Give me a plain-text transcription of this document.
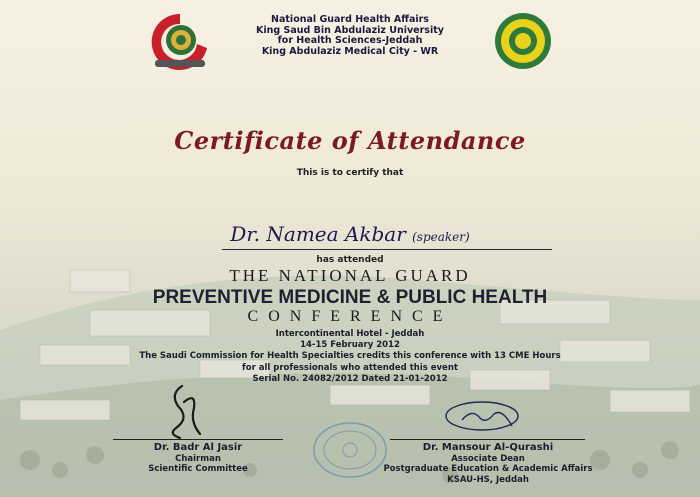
National Guard Health Affairs
King Saud Bin Abdulaziz University
for Health Sciences-Jeddah
King Abdulaziz Medical City - WR
Certificate of Attendance
This is to certify that
Dr. Namea Akbar (speaker)
has attended
THE NATIONAL GUARD
PREVENTIVE MEDICINE & PUBLIC HEALTH
CONFERENCE
Intercontinental Hotel - Jeddah
14-15 February 2012
The Saudi Commission for Health Specialties credits this conference with 13 CME Hours
for all professionals who attended this event
Serial No. 24082/2012 Dated 21-01-2012
Dr. Badr Al Jasir
Chairman
Scientific Committee
Dr. Mansour Al-Qurashi
Associate Dean
Postgraduate Education & Academic Affairs
KSAU-HS, Jeddah
